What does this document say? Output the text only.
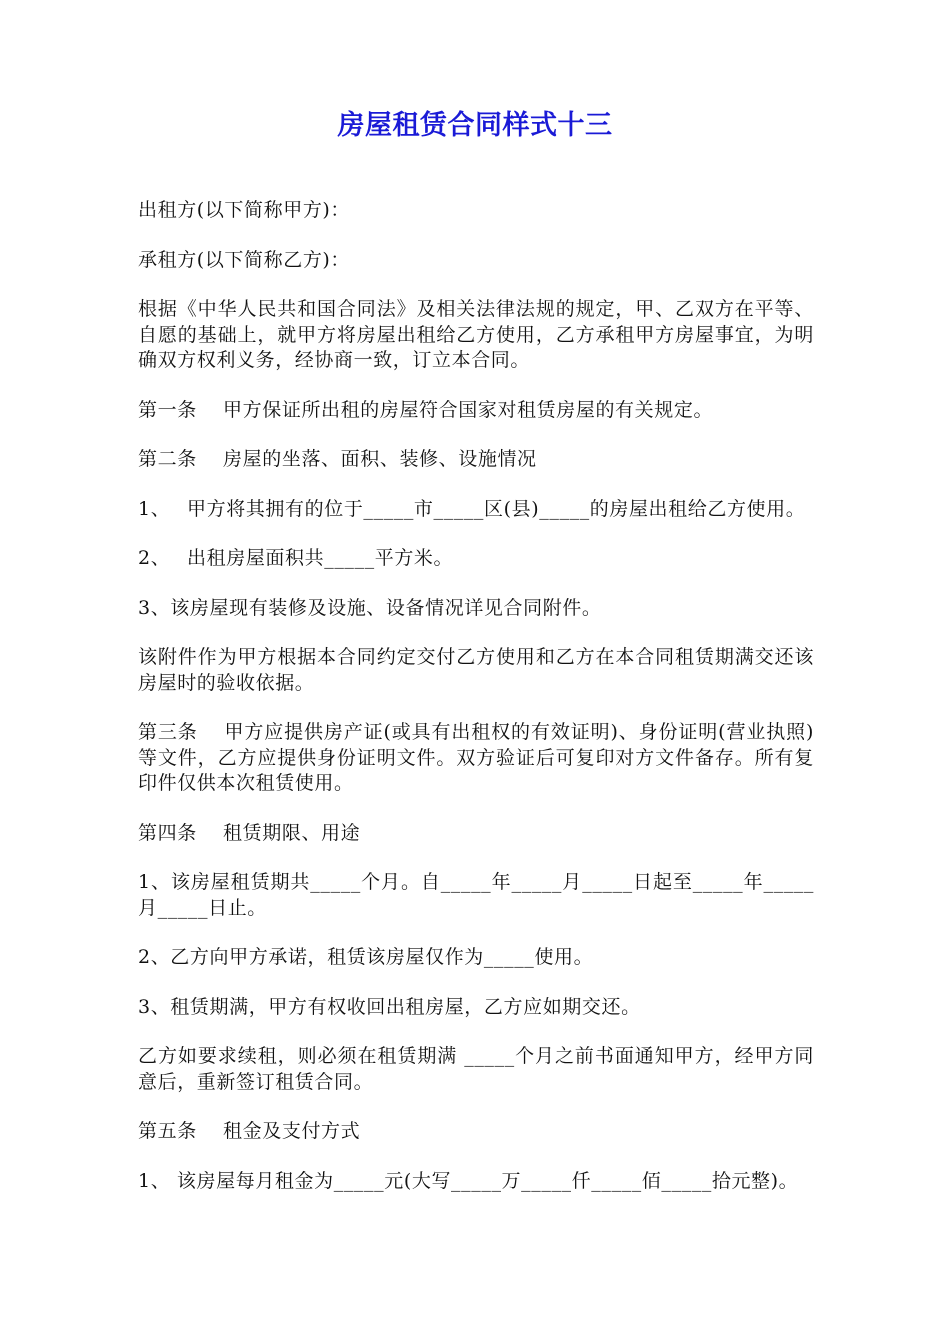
房屋租赁合同样式十三

出租方(以下简称甲方)：

承租方(以下简称乙方)：

根据《中华人民共和国合同法》及相关法律法规的规定，甲、乙双方在平等、自愿的基础上，就甲方将房屋出租给乙方使用，乙方承租甲方房屋事宜，为明确双方权利义务，经协商一致，订立本合同。

第一条　 甲方保证所出租的房屋符合国家对租赁房屋的有关规定。

第二条　 房屋的坐落、面积、装修、设施情况

1、　 甲方将其拥有的位于_____市_____区(县)_____的房屋出租给乙方使用。

2、　 出租房屋面积共_____平方米。

3、该房屋现有装修及设施、设备情况详见合同附件。

该附件作为甲方根据本合同约定交付乙方使用和乙方在本合同租赁期满交还该房屋时的验收依据。

第三条　 甲方应提供房产证(或具有出租权的有效证明)、身份证明(营业执照)等文件，乙方应提供身份证明文件。双方验证后可复印对方文件备存。所有复印件仅供本次租赁使用。

第四条　 租赁期限、用途

1、该房屋租赁期共_____个月。自_____年_____月_____日起至_____年_____月_____日止。

2、乙方向甲方承诺，租赁该房屋仅作为_____使用。

3、租赁期满，甲方有权收回出租房屋，乙方应如期交还。

乙方如要求续租，则必须在租赁期满 _____个月之前书面通知甲方，经甲方同意后，重新签订租赁合同。

第五条　 租金及支付方式

1、 该房屋每月租金为_____元(大写_____万_____仟_____佰_____拾元整)。
